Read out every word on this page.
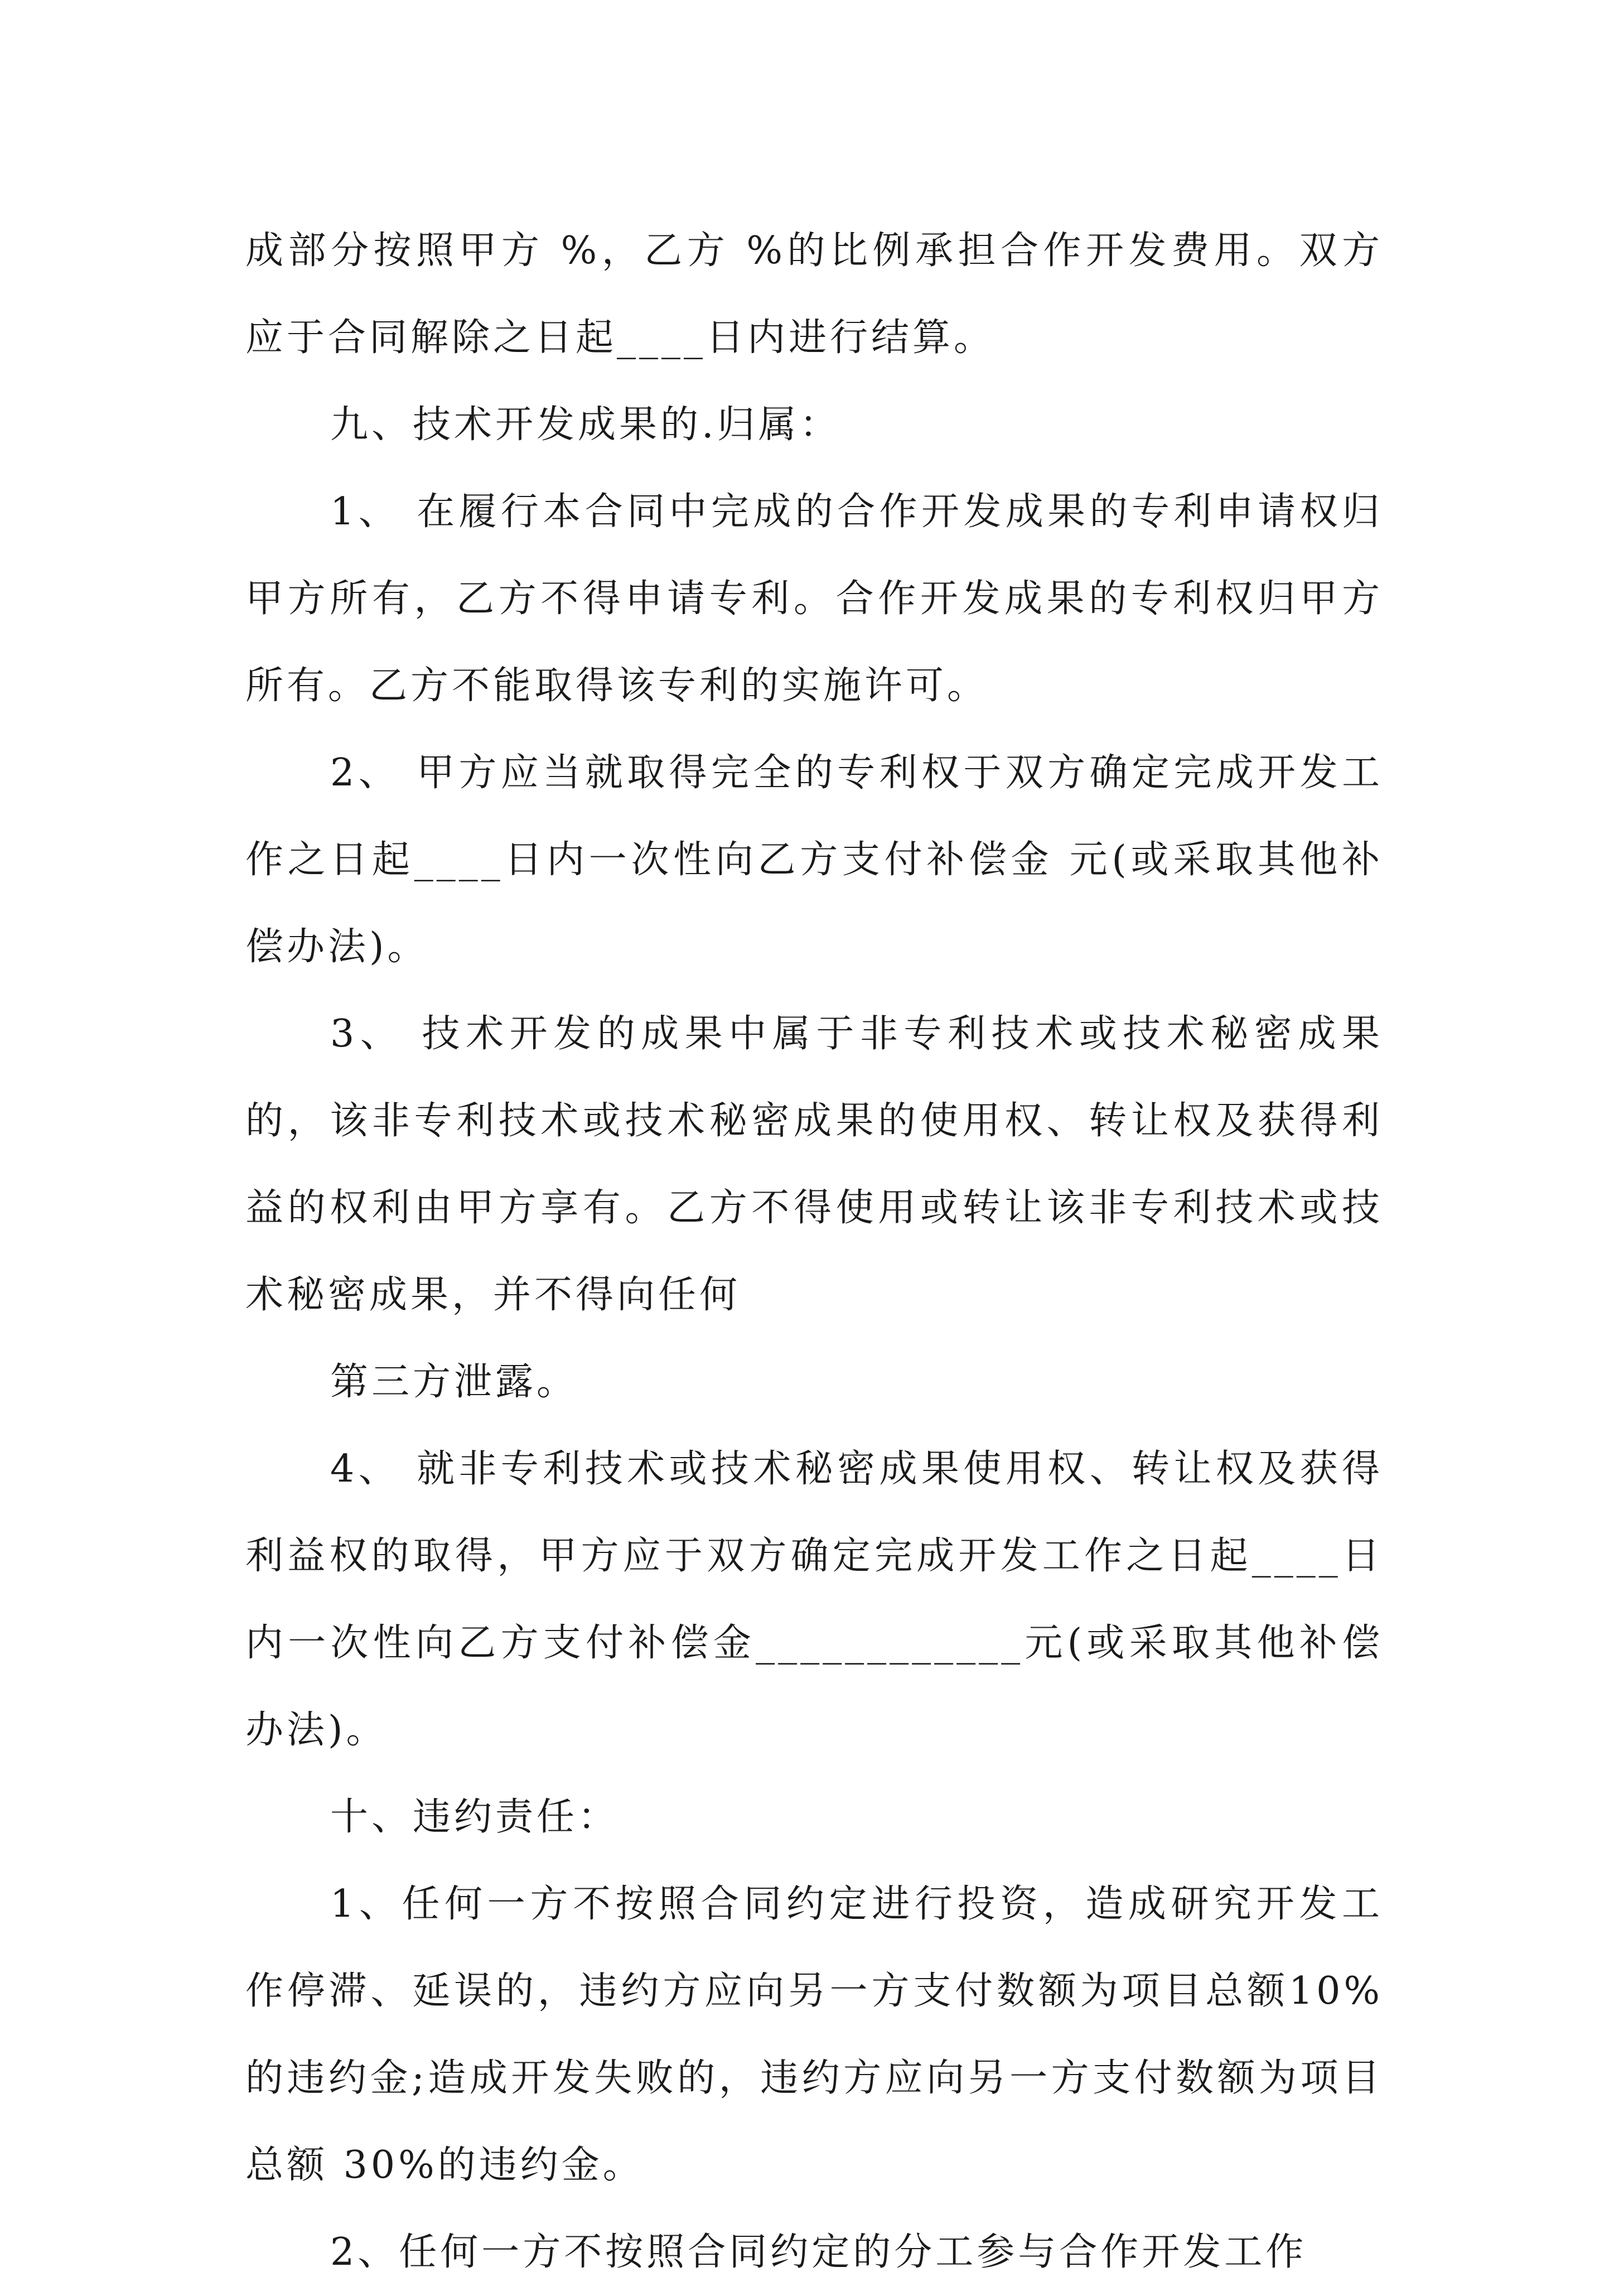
成部分按照甲方 %，乙方 %的比例承担合作开发费用。双方应于合同解除之日起____日内进行结算。

九、技术开发成果的.归属：

1、 在履行本合同中完成的合作开发成果的专利申请权归甲方所有，乙方不得申请专利。合作开发成果的专利权归甲方所有。乙方不能取得该专利的实施许可。

2、 甲方应当就取得完全的专利权于双方确定完成开发工作之日起____日内一次性向乙方支付补偿金 元(或采取其他补偿办法)。

3、 技术开发的成果中属于非专利技术或技术秘密成果的，该非专利技术或技术秘密成果的使用权、转让权及获得利益的权利由甲方享有。乙方不得使用或转让该非专利技术或技术秘密成果，并不得向任何

第三方泄露。

4、 就非专利技术或技术秘密成果使用权、转让权及获得利益权的取得，甲方应于双方确定完成开发工作之日起____日内一次性向乙方支付补偿金____________元(或采取其他补偿办法)。

十、违约责任：

1、任何一方不按照合同约定进行投资，造成研究开发工作停滞、延误的，违约方应向另一方支付数额为项目总额10%的违约金;造成开发失败的，违约方应向另一方支付数额为项目总额 30%的违约金。

2、任何一方不按照合同约定的分工参与合作开发工作
